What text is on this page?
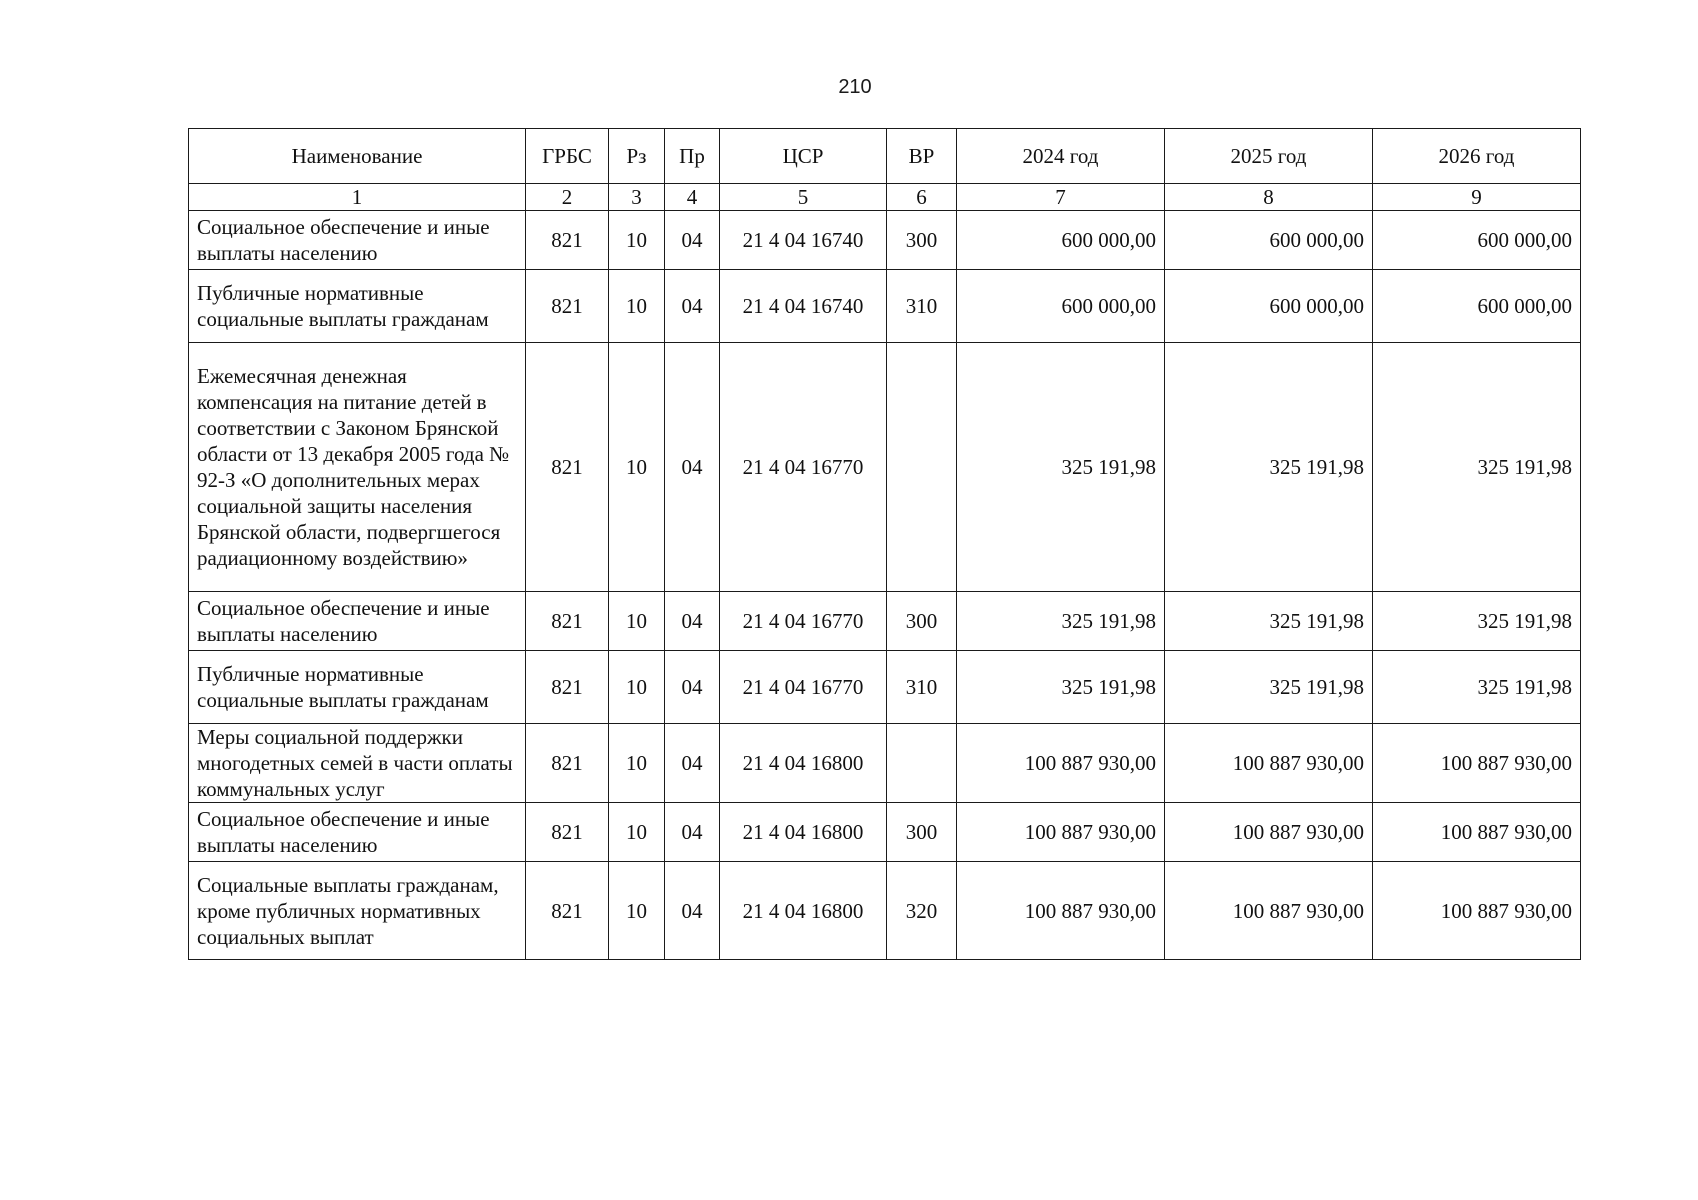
210
Наименование	ГРБС	Рз	Пр	ЦСР	ВР	2024 год	2025 год	2026 год
1	2	3	4	5	6	7	8	9
Социальное обеспечение и иные выплаты населению	821	10	04	21 4 04 16740	300	600 000,00	600 000,00	600 000,00
Публичные нормативные социальные выплаты гражданам	821	10	04	21 4 04 16740	310	600 000,00	600 000,00	600 000,00
Ежемесячная денежная компенсация на питание детей в соответствии с Законом Брянской области от 13 декабря 2005 года № 92-З «О дополнительных мерах социальной защиты населения Брянской области, подвергшегося радиационному воздействию»	821	10	04	21 4 04 16770		325 191,98	325 191,98	325 191,98
Социальное обеспечение и иные выплаты населению	821	10	04	21 4 04 16770	300	325 191,98	325 191,98	325 191,98
Публичные нормативные социальные выплаты гражданам	821	10	04	21 4 04 16770	310	325 191,98	325 191,98	325 191,98
Меры социальной поддержки многодетных семей в части оплаты коммунальных услуг	821	10	04	21 4 04 16800		100 887 930,00	100 887 930,00	100 887 930,00
Социальное обеспечение и иные выплаты населению	821	10	04	21 4 04 16800	300	100 887 930,00	100 887 930,00	100 887 930,00
Социальные выплаты гражданам, кроме публичных нормативных социальных выплат	821	10	04	21 4 04 16800	320	100 887 930,00	100 887 930,00	100 887 930,00
